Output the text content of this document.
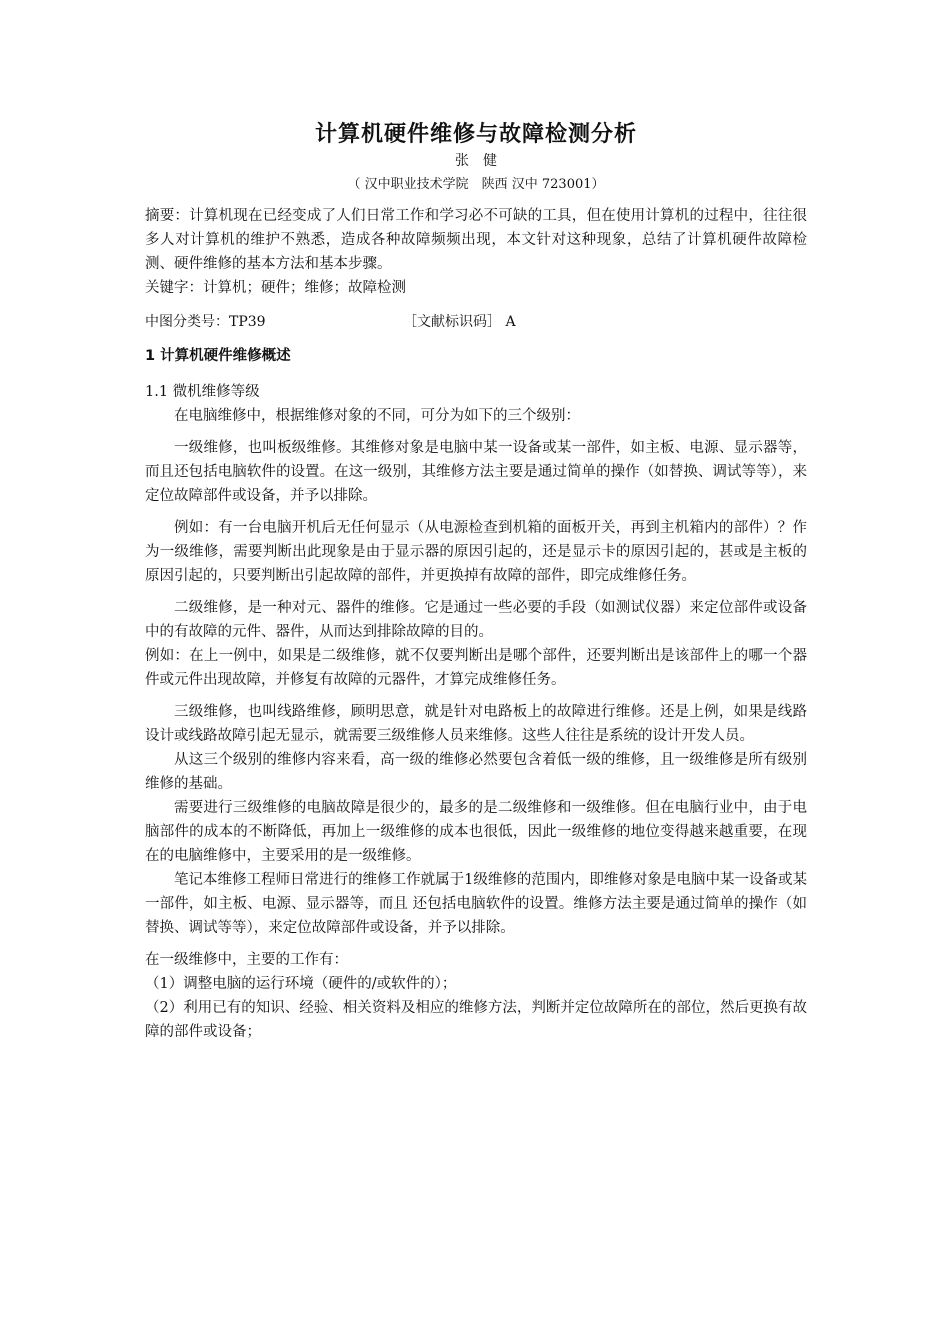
计算机硬件维修与故障检测分析
张健
（ 汉中职业技术学院　陕西 汉中 723001）

摘要：计算机现在已经变成了人们日常工作和学习必不可缺的工具，但在使用计算机的过程中，往往很多人对计算机的维护不熟悉，造成各种故障频频出现，本文针对这种现象，总结了计算机硬件故障检测、硬件维修的基本方法和基本步骤。

关键字：计算机；硬件；维修；故障检测

中图分类号：TP39	［文献标识码］ A
1 计算机硬件维修概述
1.1 微机维修等级

在电脑维修中，根据维修对象的不同，可分为如下的三个级别：

一级维修，也叫板级维修。其维修对象是电脑中某一设备或某一部件，如主板、电源、显示器等，而且还包括电脑软件的设置。在这一级别，其维修方法主要是通过简单的操作（如替换、调试等等），来定位故障部件或设备，并予以排除。

例如：有一台电脑开机后无任何显示（从电源检查到机箱的面板开关，再到主机箱内的部件）？作为一级维修，需要判断出此现象是由于显示器的原因引起的，还是显示卡的原因引起的，甚或是主板的原因引起的，只要判断出引起故障的部件，并更换掉有故障的部件，即完成维修任务。

二级维修，是一种对元、器件的维修。它是通过一些必要的手段（如测试仪器）来定位部件或设备中的有故障的元件、器件，从而达到排除故障的目的。

例如：在上一例中，如果是二级维修，就不仅要判断出是哪个部件，还要判断出是该部件上的哪一个器件或元件出现故障，并修复有故障的元器件，才算完成维修任务。

三级维修，也叫线路维修，顾明思意，就是针对电路板上的故障进行维修。还是上例，如果是线路设计或线路故障引起无显示，就需要三级维修人员来维修。这些人往往是系统的设计开发人员。

从这三个级别的维修内容来看，高一级的维修必然要包含着低一级的维修，且一级维修是所有级别维修的基础。

需要进行三级维修的电脑故障是很少的，最多的是二级维修和一级维修。但在电脑行业中，由于电脑部件的成本的不断降低，再加上一级维修的成本也很低，因此一级维修的地位变得越来越重要，在现在的电脑维修中，主要采用的是一级维修。

笔记本维修工程师日常进行的维修工作就属于1级维修的范围内，即维修对象是电脑中某一设备或某一部件，如主板、电源、显示器等，而且 还包括电脑软件的设置。维修方法主要是通过简单的操作（如替换、调试等等），来定位故障部件或设备，并予以排除。

在一级维修中，主要的工作有：

（1）调整电脑的运行环境（硬件的/或软件的）；

（2）利用已有的知识、经验、相关资料及相应的维修方法，判断并定位故障所在的部位，然后更换有故障的部件或设备；
